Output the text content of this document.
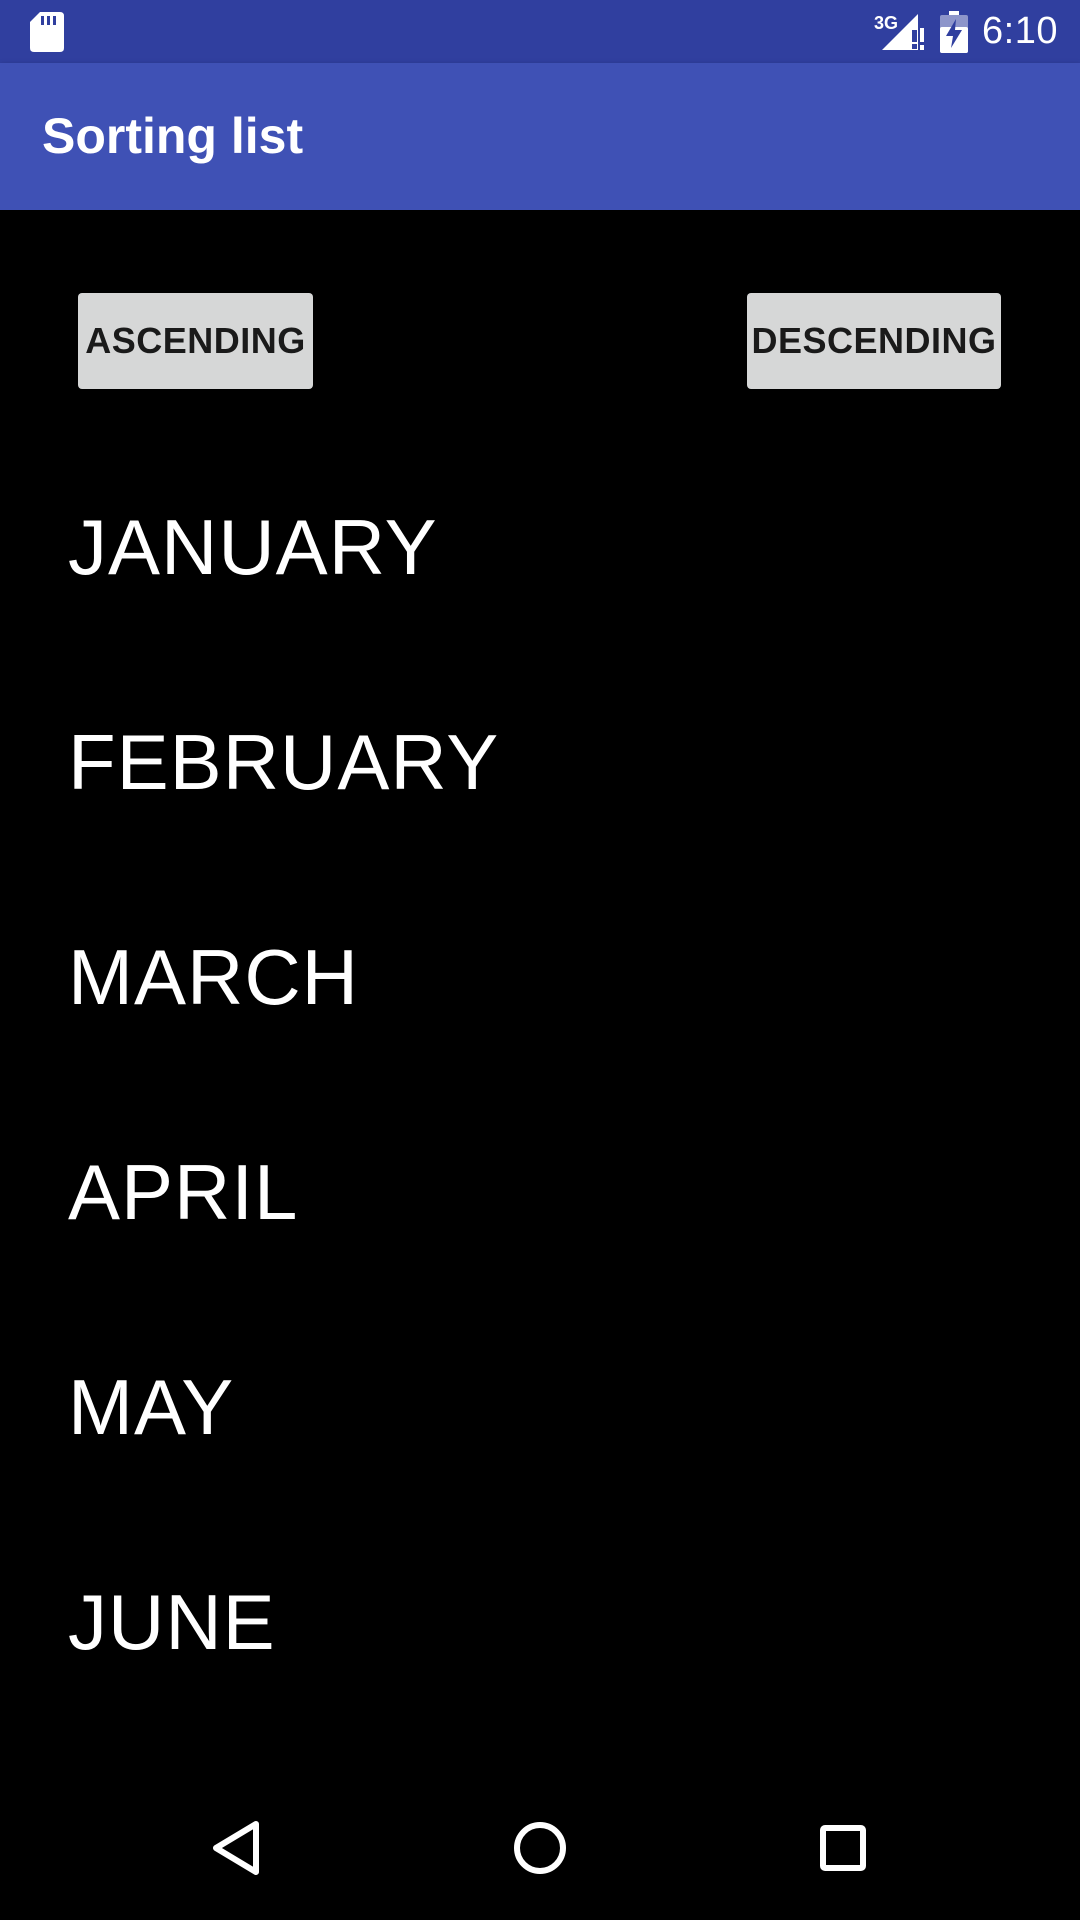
3G 6:10
Sorting list
ASCENDING	DESCENDING
JANUARY
FEBRUARY
MARCH
APRIL
MAY
JUNE
